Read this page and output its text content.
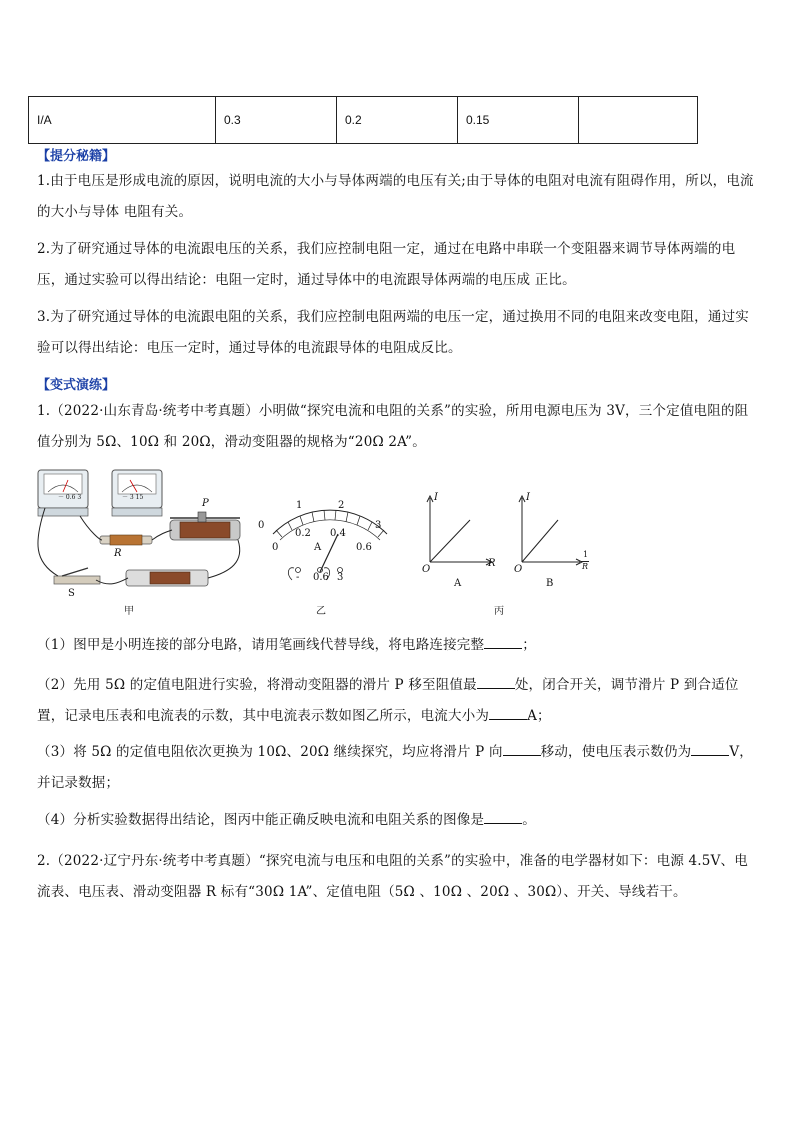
I/A	0.3	0.2	0.15	
【提分秘籍】
1.由于电压是形成电流的原因，说明电流的大小与导体两端的电压有关;由于导体的电阻对电流有阻碍作用，所以，电流的大小与导体 电阻有关。
2.为了研究通过导体的电流跟电压的关系，我们应控制电阻一定，通过在电路中串联一个变阻器来调节导体两端的电压，通过实验可以得出结论：电阻一定时，通过导体中的电流跟导体两端的电压成 正比。
3.为了研究通过导体的电流跟电阻的关系，我们应控制电阻两端的电压一定，通过换用不同的电阻来改变电阻，通过实验可以得出结论：电压一定时，通过导体的电流跟导体的电阻成反比。
【变式演练】
1.（2022·山东青岛·统考中考真题）小明做“探究电流和电阻的关系”的实验，所用电源电压为 3V，三个定值电阻的阻值分别为 5Ω、10Ω 和 20Ω，滑动变阻器的规格为“20Ω 2A”。
－ 0.6 3	－ 3 15
P
R
S
甲
0
1	2
3
0
0.2 0.4
0.6
A
- 0.6 3
乙
I
O
R
A
I
O
1
R
B
丙
（1）图甲是小明连接的部分电路，请用笔画线代替导线，将电路连接完整	；
（2）先用 5Ω 的定值电阻进行实验，将滑动变阻器的滑片 P 移至阻值最	处，闭合开关，调节滑片 P 到合适位置，记录电压表和电流表的示数，其中电流表示数如图乙所示，电流大小为	A；
（3）将 5Ω 的定值电阻依次更换为 10Ω、20Ω 继续探究，均应将滑片 P 向	移动，使电压表示数仍为	V，并记录数据；
（4）分析实验数据得出结论，图丙中能正确反映电流和电阻关系的图像是	。
2.（2022·辽宁丹东·统考中考真题）“探究电流与电压和电阻的关系”的实验中，准备的电学器材如下：电源 4.5V、电流表、电压表、滑动变阻器 R 标有“30Ω 1A”、定值电阻（5Ω 、10Ω 、20Ω 、30Ω）、开关、导线若干。
